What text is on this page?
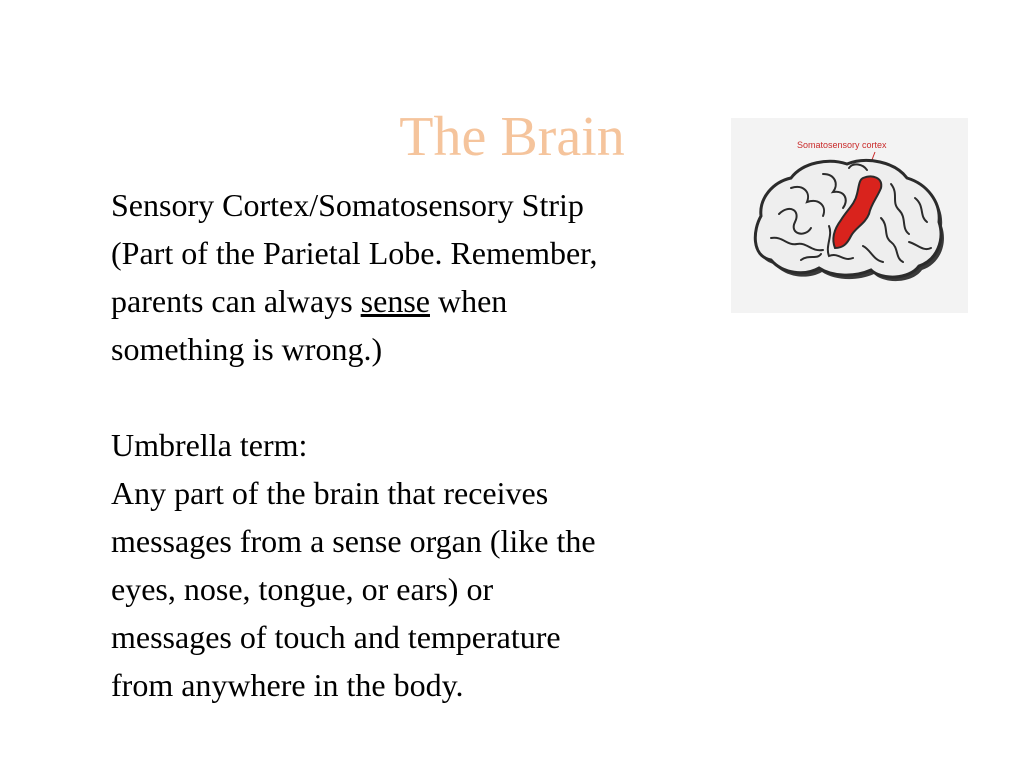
The Brain

Sensory Cortex/Somatosensory Strip

(Part of the Parietal Lobe. Remember,

parents can always sense when

something is wrong.)

Umbrella term:

Any part of the brain that receives

messages from a sense organ (like the

eyes, nose, tongue, or ears) or

messages of touch and temperature

from anywhere in the body.

Somatosensory cortex
